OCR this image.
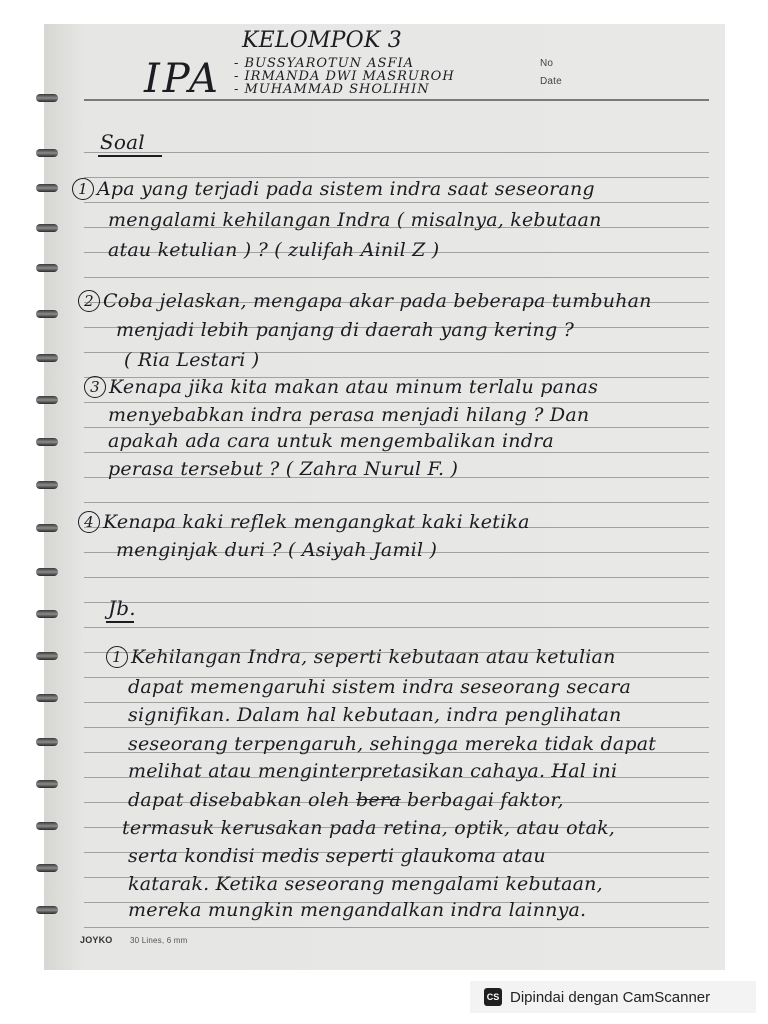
KELOMPOK 3
IPA - BUSSYAROTUN ASFIA
- IRMANDA DWI MASRUROH
- MUHAMMAD SHOLIHIN
No
Date
Soal
1 Apa yang terjadi pada sistem indra saat seseorang
mengalami kehilangan Indra ( misalnya, kebutaan
atau ketulian ) ? ( zulifah Ainil Z )
2 Coba jelaskan, mengapa akar pada beberapa tumbuhan
menjadi lebih panjang di daerah yang kering ?
( Ria Lestari )
3 Kenapa jika kita makan atau minum terlalu panas
menyebabkan indra perasa menjadi hilang ? Dan
apakah ada cara untuk mengembalikan indra
perasa tersebut ? ( Zahra Nurul F. )
4 Kenapa kaki reflek mengangkat kaki ketika
menginjak duri ? ( Asiyah Jamil )
Jb.
1 Kehilangan Indra, seperti kebutaan atau ketulian
dapat memengaruhi sistem indra seseorang secara
signifikan. Dalam hal kebutaan, indra penglihatan
seseorang terpengaruh, sehingga mereka tidak dapat
melihat atau menginterpretasikan cahaya. Hal ini
dapat disebabkan oleh bera berbagai faktor,
termasuk kerusakan pada retina, optik, atau otak,
serta kondisi medis seperti glaukoma atau
katarak. Ketika seseorang mengalami kebutaan,
mereka mungkin mengandalkan indra lainnya.
JOYKO 30 Lines, 6 mm
CS Dipindai dengan CamScanner
